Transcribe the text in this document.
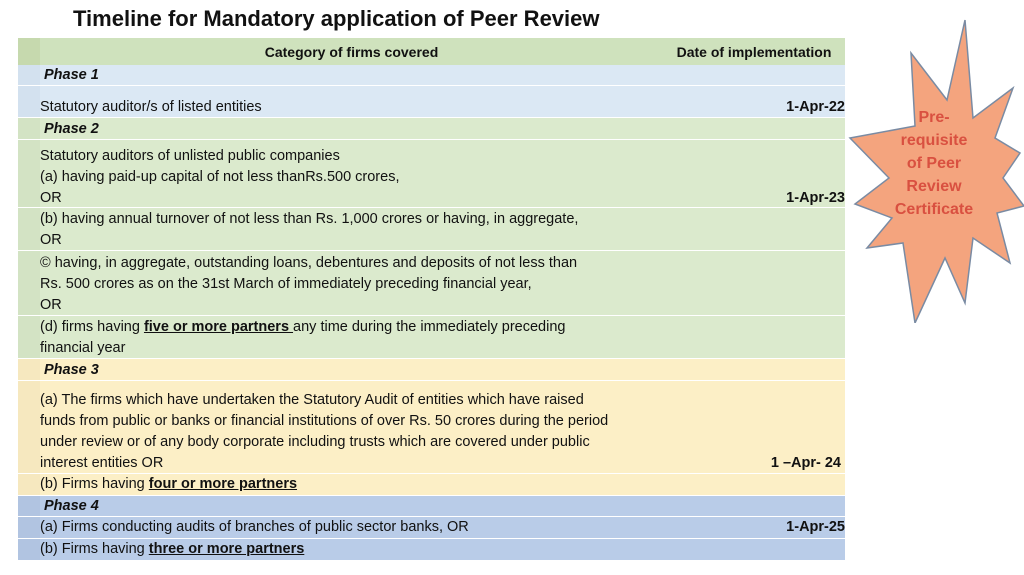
Timeline for Mandatory application of Peer Review
Category of firms covered	Date of implementation
Phase 1
Statutory auditor/s of listed entities	1-Apr-22
Phase 2
Statutory auditors of unlisted public companies
(a) having paid-up capital of not less thanRs.500 crores,
OR	1-Apr-23
(b) having annual turnover of not less than Rs. 1,000 crores or having, in aggregate,
OR
© having, in aggregate, outstanding loans, debentures and deposits of not less than
Rs. 500 crores as on the 31st March of immediately preceding financial year,
OR
(d) firms having five or more partners any time during the immediately preceding
financial year
Phase 3
(a) The firms which have undertaken the Statutory Audit of entities which have raised
funds from public or banks or financial institutions of over Rs. 50 crores during the period
under review or of any body corporate including trusts which are covered under public
interest entities OR	1 –Apr- 24
(b) Firms having four or more partners
Phase 4
(a) Firms conducting audits of branches of public sector banks, OR	1-Apr-25
(b) Firms having three or more partners
Pre-
requisite
of Peer
Review
Certificate
